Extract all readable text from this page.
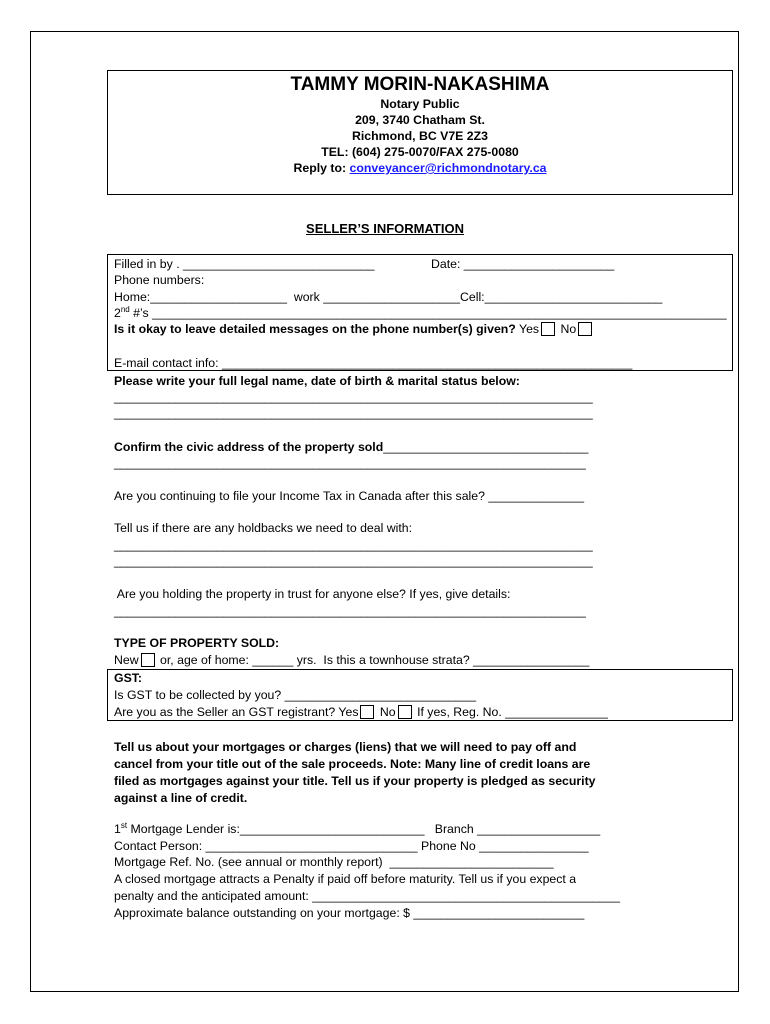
TAMMY MORIN-NAKASHIMA
Notary Public
209, 3740 Chatham St.
Richmond, BC V7E 2Z3
TEL: (604) 275-0070/FAX 275-0080
Reply to: conveyancer@richmondnotary.ca
SELLER’S INFORMATION
Filled in by . ____________________________	Date: ______________________
Phone numbers:
Home:____________________  work ____________________Cell:__________________________
2nd #’s ____________________________________________________________________________________
Is it okay to leave detailed messages on the phone number(s) given? Yes No
E-mail contact info: ____________________________________________________________
Please write your full legal name, date of birth & marital status below:
______________________________________________________________________
______________________________________________________________________
Confirm the civic address of the property sold______________________________
_____________________________________________________________________
Are you continuing to file your Income Tax in Canada after this sale? ______________
Tell us if there are any holdbacks we need to deal with:
______________________________________________________________________
______________________________________________________________________
Are you holding the property in trust for anyone else? If yes, give details:
_____________________________________________________________________
TYPE OF PROPERTY SOLD:
New or, age of home: ______ yrs.  Is this a townhouse strata? _________________
GST:
Is GST to be collected by you? ____________________________
Are you as the Seller an GST registrant? Yes No If yes, Reg. No. _______________
Tell us about your mortgages or charges (liens) that we will need to pay off and
cancel from your title out of the sale proceeds. Note: Many line of credit loans are
filed as mortgages against your title. Tell us if your property is pledged as security
against a line of credit.
1st Mortgage Lender is:___________________________   Branch __________________
Contact Person: _______________________________ Phone No ________________
Mortgage Ref. No. (see annual or monthly report)  ________________________
A closed mortgage attracts a Penalty if paid off before maturity. Tell us if you expect a
penalty and the anticipated amount: _____________________________________________
Approximate balance outstanding on your mortgage: $ _________________________
